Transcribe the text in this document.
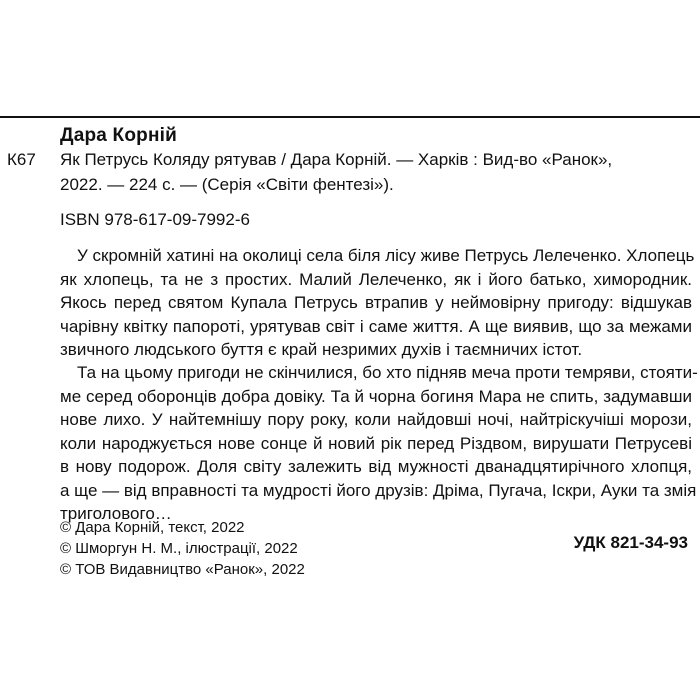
Дара Корній
К67 Як Петрусь Коляду рятував / Дара Корній. — Харків : Вид-во «Ранок»,
2022. — 224 с. — (Серія «Світи фентезі»).
ISBN 978-617-09-7992-6
У скромній хатині на околиці села біля лісу живе Петрусь Лелеченко. Хлопець
як хлопець, та не з простих. Малий Лелеченко, як і його батько, химородник.
Якось перед святом Купала Петрусь втрапив у неймовірну пригоду: відшукав
чарівну квітку папороті, урятував світ і саме життя. А ще виявив, що за межами
звичного людського буття є край незримих духів і таємничих істот.
Та на цьому пригоди не скінчилися, бо хто підняв меча проти темряви, стояти-
ме серед оборонців добра довіку. Та й чорна богиня Мара не спить, задумавши
нове лихо. У найтемнішу пору року, коли найдовші ночі, найтріскучіші морози,
коли народжується нове сонце й новий рік перед Різдвом, вирушати Петрусеві
в нову подорож. Доля світу залежить від мужності дванадцятирічного хлопця,
а ще — від вправності та мудрості його друзів: Дріма, Пугача, Іскри, Ауки та змія
триголового…
© Дара Корній, текст, 2022
© Шморгун Н. М., ілюстрації, 2022
© ТОВ Видавництво «Ранок», 2022
УДК 821-34-93
